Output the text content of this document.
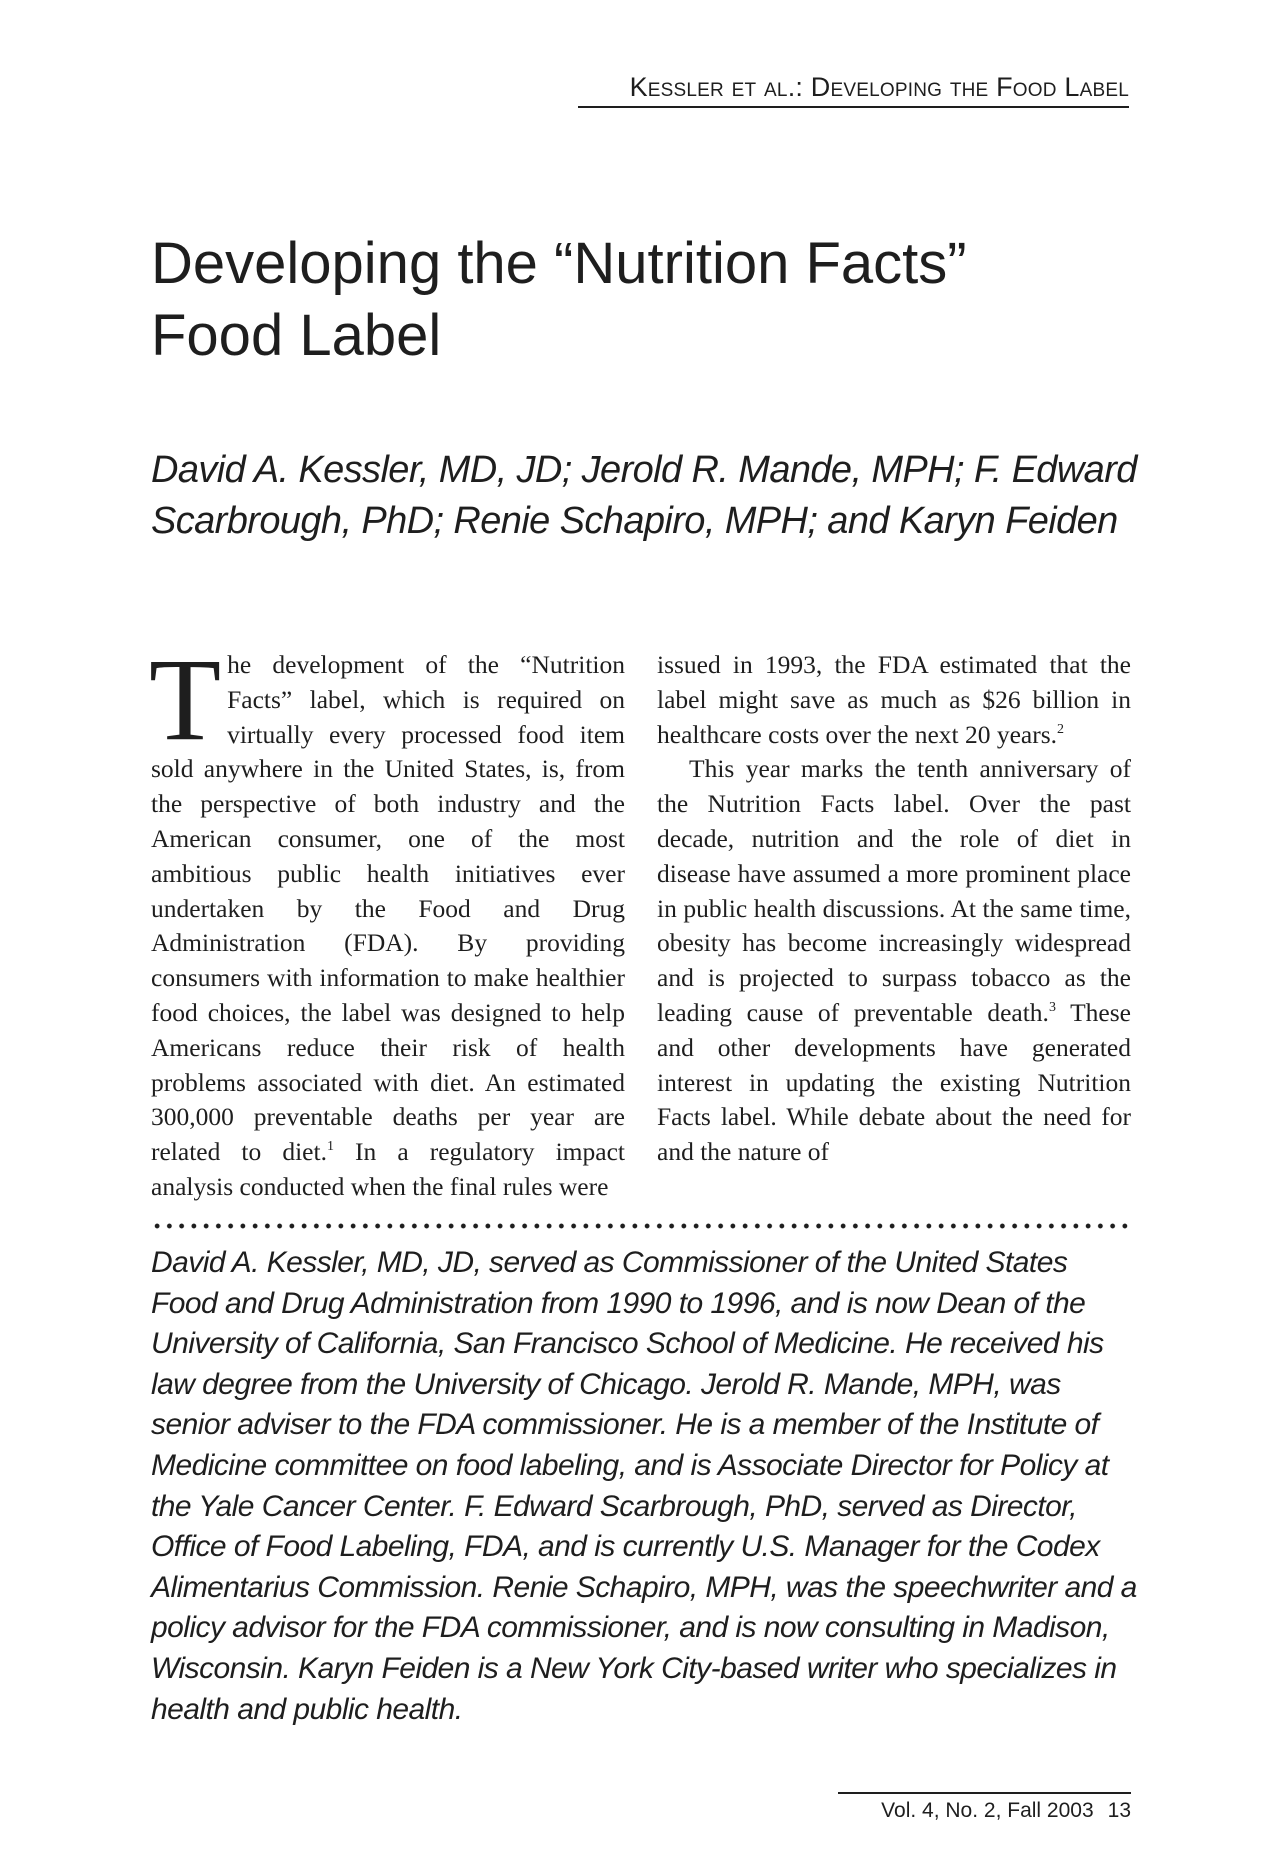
Kessler et al.: Developing the Food Label
Developing the “Nutrition Facts”
Food Label

David A. Kessler, MD, JD; Jerold R. Mande, MPH; F. Edward Scarbrough, PhD; Renie Schapiro, MPH; and Karyn Feiden

The development of the “Nutrition Facts” label, which is required on virtually every processed food item sold anywhere in the United States, is, from the perspective of both industry and the American consumer, one of the most ambitious public health initiatives ever undertaken by the Food and Drug Administration (FDA). By providing consumers with information to make healthier food choices, the label was designed to help Americans reduce their risk of health problems associated with diet. An estimated 300,000 preventable deaths per year are related to diet.$^1$ In a regulatory impact analysis conducted when the final rules were

issued in 1993, the FDA estimated that the label might save as much as $26 billion in healthcare costs over the next 20 years.$^2$

This year marks the tenth anniversary of the Nutrition Facts label. Over the past decade, nutrition and the role of diet in disease have assumed a more prominent place in public health discussions. At the same time, obesity has become increasingly widespread and is projected to surpass tobacco as the leading cause of preventable death.$^3$ These and other developments have generated interest in updating the existing Nutrition Facts label. While debate about the need for and the nature of

David A. Kessler, MD, JD, served as Commissioner of the United States Food and Drug Administration from 1990 to 1996, and is now Dean of the University of California, San Francisco School of Medicine. He received his law degree from the University of Chicago. Jerold R. Mande, MPH, was senior adviser to the FDA commissioner. He is a member of the Institute of Medicine committee on food labeling, and is Associate Director for Policy at the Yale Cancer Center. F. Edward Scarbrough, PhD, served as Director, Office of Food Labeling, FDA, and is currently U.S. Manager for the Codex Alimentarius Commission. Renie Schapiro, MPH, was the speechwriter and a policy advisor for the FDA commissioner, and is now consulting in Madison, Wisconsin. Karyn Feiden is a New York City-based writer who specializes in health and public health.

Vol. 4, No. 2, Fall 2003 13
